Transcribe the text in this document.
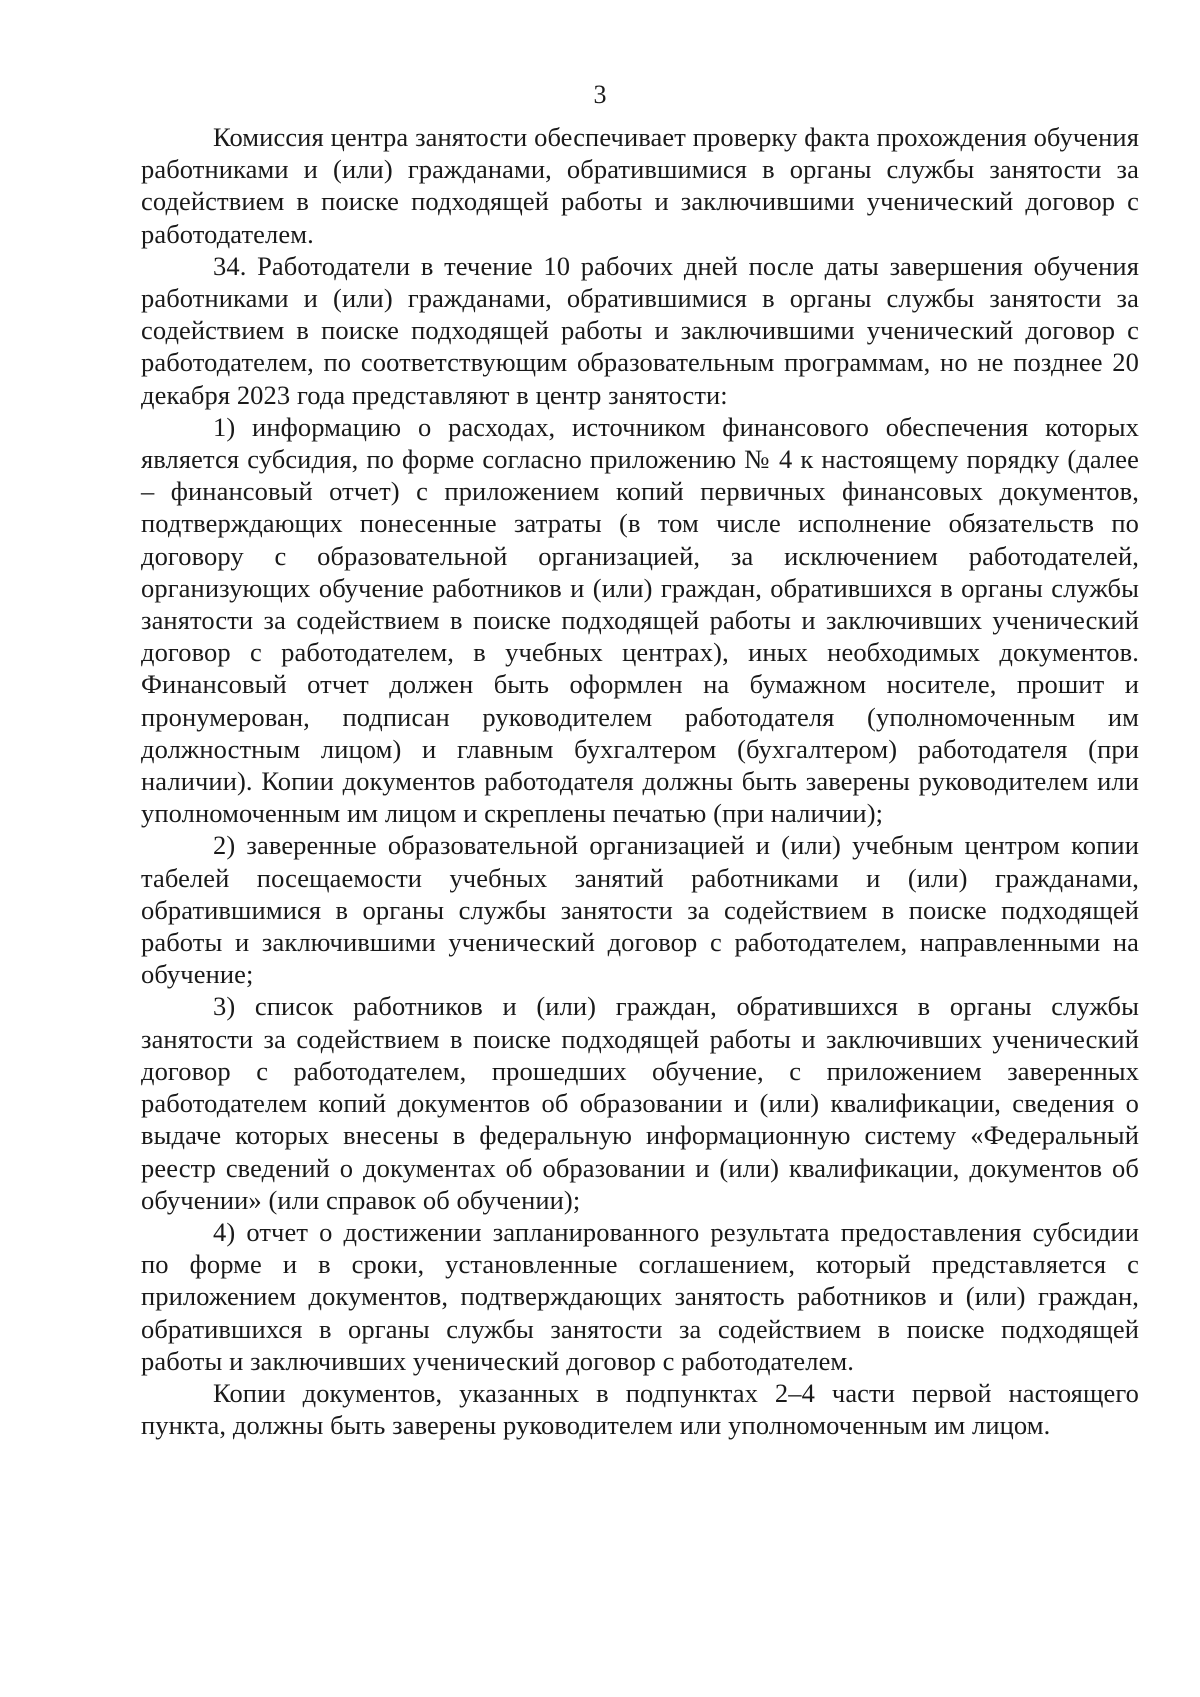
3

Комиссия центра занятости обеспечивает проверку факта прохождения обучения работниками и (или) гражданами, обратившимися в органы службы занятости за содействием в поиске подходящей работы и заключившими ученический договор с работодателем.

34. Работодатели в течение 10 рабочих дней после даты завершения обучения работниками и (или) гражданами, обратившимися в органы службы занятости за содействием в поиске подходящей работы и заключившими ученический договор с работодателем, по соответствующим образовательным программам, но не позднее 20 декабря 2023 года представляют в центр занятости:

1) информацию о расходах, источником финансового обеспечения которых является субсидия, по форме согласно приложению № 4 к настоящему порядку (далее – финансовый отчет) с приложением копий первичных финансовых документов, подтверждающих понесенные затраты (в том числе исполнение обязательств по договору с образовательной организацией, за исключением работодателей, организующих обучение работников и (или) граждан, обратившихся в органы службы занятости за содействием в поиске подходящей работы и заключивших ученический договор с работодателем, в учебных центрах), иных необходимых документов. Финансовый отчет должен быть оформлен на бумажном носителе, прошит и пронумерован, подписан руководителем работодателя (уполномоченным им должностным лицом) и главным бухгалтером (бухгалтером) работодателя (при наличии). Копии документов работодателя должны быть заверены руководителем или уполномоченным им лицом и скреплены печатью (при наличии);

2) заверенные образовательной организацией и (или) учебным центром копии табелей посещаемости учебных занятий работниками и (или) гражданами, обратившимися в органы службы занятости за содействием в поиске подходящей работы и заключившими ученический договор с работодателем, направленными на обучение;

3) список работников и (или) граждан, обратившихся в органы службы занятости за содействием в поиске подходящей работы и заключивших ученический договор с работодателем, прошедших обучение, с приложением заверенных работодателем копий документов об образовании и (или) квалификации, сведения о выдаче которых внесены в федеральную информационную систему «Федеральный реестр сведений о документах об образовании и (или) квалификации, документов об обучении» (или справок об обучении);

4) отчет о достижении запланированного результата предоставления субсидии по форме и в сроки, установленные соглашением, который представляется с приложением документов, подтверждающих занятость работников и (или) граждан, обратившихся в органы службы занятости за содействием в поиске подходящей работы и заключивших ученический договор с работодателем.

Копии документов, указанных в подпунктах 2–4 части первой настоящего пункта, должны быть заверены руководителем или уполномоченным им лицом.
